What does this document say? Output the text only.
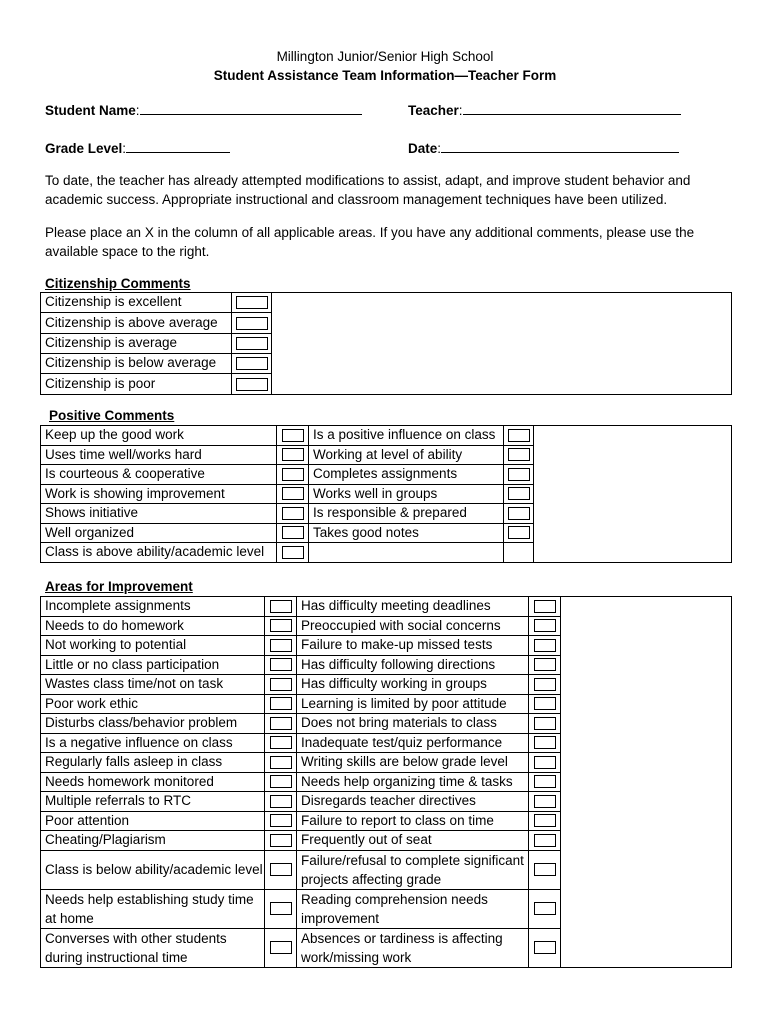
Millington Junior/Senior High School
Student Assistance Team Information—Teacher Form
Student Name:	Teacher:
Grade Level:	Date:
To date, the teacher has already attempted modifications to assist, adapt, and improve student behavior and academic success. Appropriate instructional and classroom management techniques have been utilized.
Please place an X in the column of all applicable areas. If you have any additional comments, please use the available space to the right.
Citizenship Comments
Citizenship is excellent		
Citizenship is above average		
Citizenship is average		
Citizenship is below average		
Citizenship is poor		
Positive Comments
Keep up the good work		Is a positive influence on class		
Uses time well/works hard		Working at level of ability		
Is courteous & cooperative		Completes assignments		
Work is showing improvement		Works well in groups		
Shows initiative		Is responsible & prepared		
Well organized		Takes good notes		
Class is above ability/academic level				
Areas for Improvement
Incomplete assignments		Has difficulty meeting deadlines		
Needs to do homework		Preoccupied with social concerns		
Not working to potential		Failure to make-up missed tests		
Little or no class participation		Has difficulty following directions		
Wastes class time/not on task		Has difficulty working in groups		
Poor work ethic		Learning is limited by poor attitude		
Disturbs class/behavior problem		Does not bring materials to class		
Is a negative influence on class		Inadequate test/quiz performance		
Regularly falls asleep in class		Writing skills are below grade level		
Needs homework monitored		Needs help organizing time & tasks		
Multiple referrals to RTC		Disregards teacher directives		
Poor attention		Failure to report to class on time		
Cheating/Plagiarism		Frequently out of seat		
Class is below ability/academic level		Failure/refusal to complete significant projects affecting grade		
Needs help establishing study time at home		Reading comprehension needs improvement		
Converses with other students during instructional time		Absences or tardiness is affecting work/missing work		
